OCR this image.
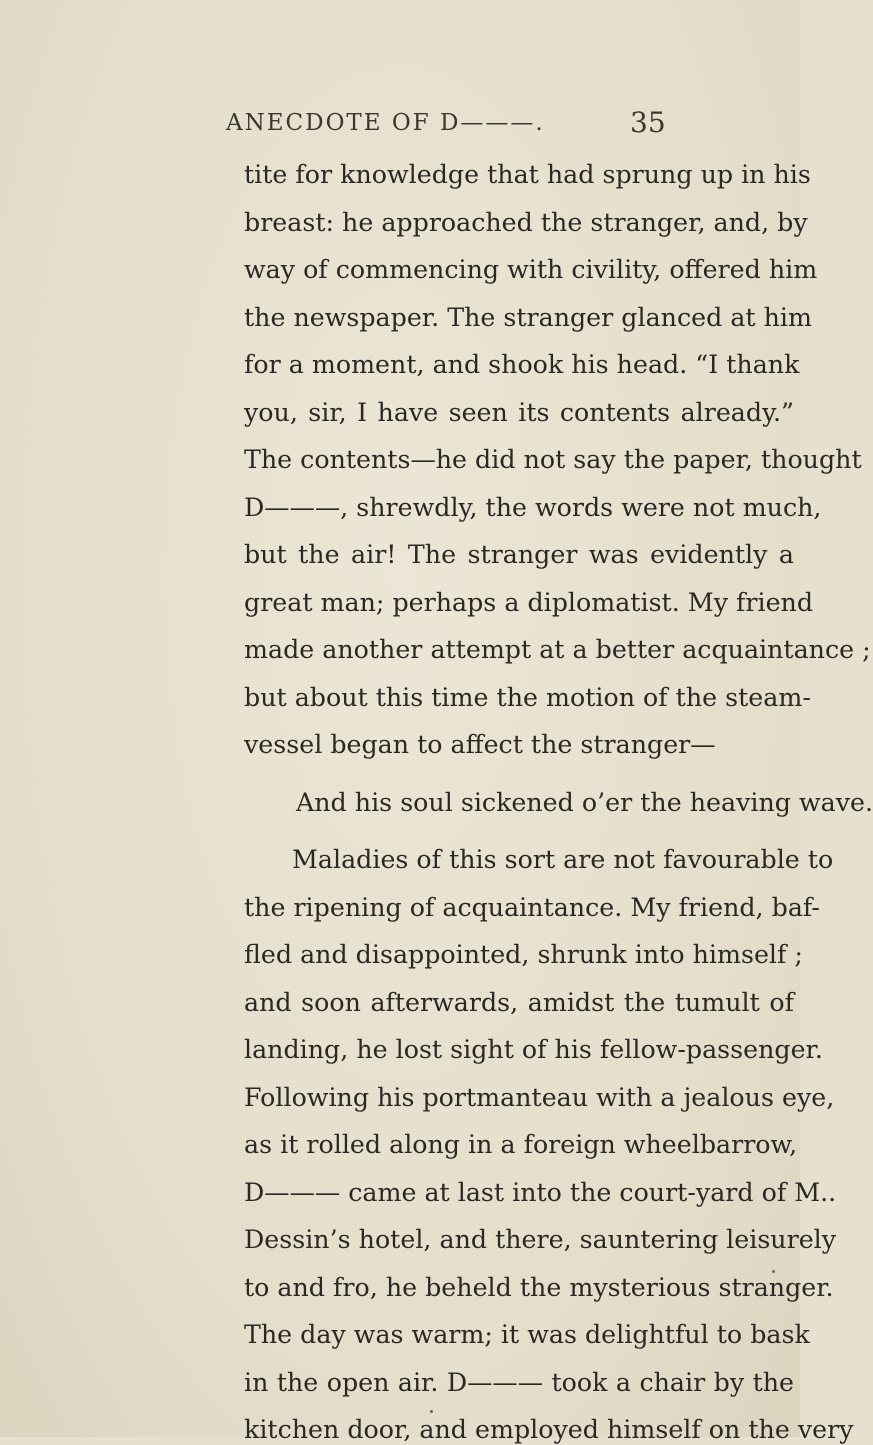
ANECDOTE OF D———.	35
tite for knowledge that had sprung up in his
breast: he approached the stranger, and, by
way of commencing with civility, offered him
the newspaper. The stranger glanced at him
for a moment, and shook his head. “I thank
you, sir, I have seen its contents already.”
The contents—he did not say the paper, thought
D———, shrewdly, the words were not much,
but the air! The stranger was evidently a
great man; perhaps a diplomatist. My friend
made another attempt at a better acquaintance ;
but about this time the motion of the steam-
vessel began to affect the stranger—
And his soul sickened o’er the heaving wave.
Maladies of this sort are not favourable to
the ripening of acquaintance. My friend, baf-
fled and disappointed, shrunk into himself ;
and soon afterwards, amidst the tumult of
landing, he lost sight of his fellow-passenger.
Following his portmanteau with a jealous eye,
as it rolled along in a foreign wheelbarrow,
D——— came at last into the court-yard of M..
Dessin’s hotel, and there, sauntering leisurely
to and fro, he beheld the mysterious stranger.
The day was warm; it was delightful to bask
in the open air. D——— took a chair by the
kitchen door, and employed himself on the very
